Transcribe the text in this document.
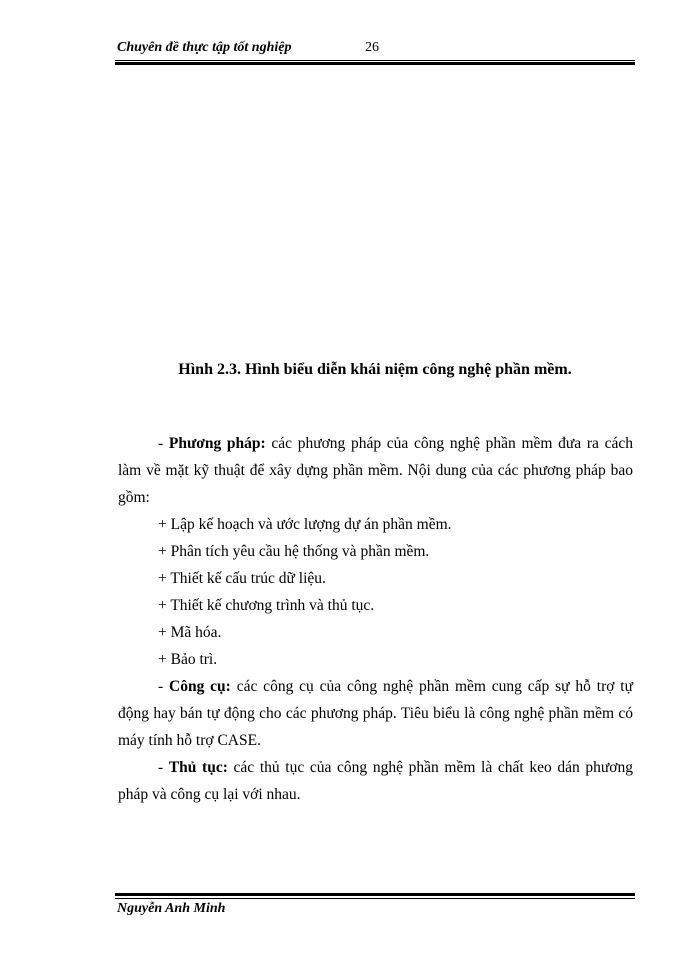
Chuyên đề thực tập tốt nghiệp	26
Hình 2.3. Hình biểu diễn khái niệm công nghệ phần mềm.

- Phương pháp: các phương pháp của công nghệ phần mềm đưa ra cách làm về mặt kỹ thuật để xây dựng phần mềm. Nội dung của các phương pháp bao gồm:

+ Lập kế hoạch và ước lượng dự án phần mềm.

+ Phân tích yêu cầu hệ thống và phần mềm.

+ Thiết kế cấu trúc dữ liệu.

+ Thiết kế chương trình và thủ tục.

+ Mã hóa.

+ Bảo trì.

- Công cụ: các công cụ của công nghệ phần mềm cung cấp sự hỗ trợ tự động hay bán tự động cho các phương pháp. Tiêu biểu là công nghệ phần mềm có máy tính hỗ trợ CASE.

- Thủ tục: các thủ tục của công nghệ phần mềm là chất keo dán phương pháp và công cụ lại với nhau.

Nguyễn Anh Minh
